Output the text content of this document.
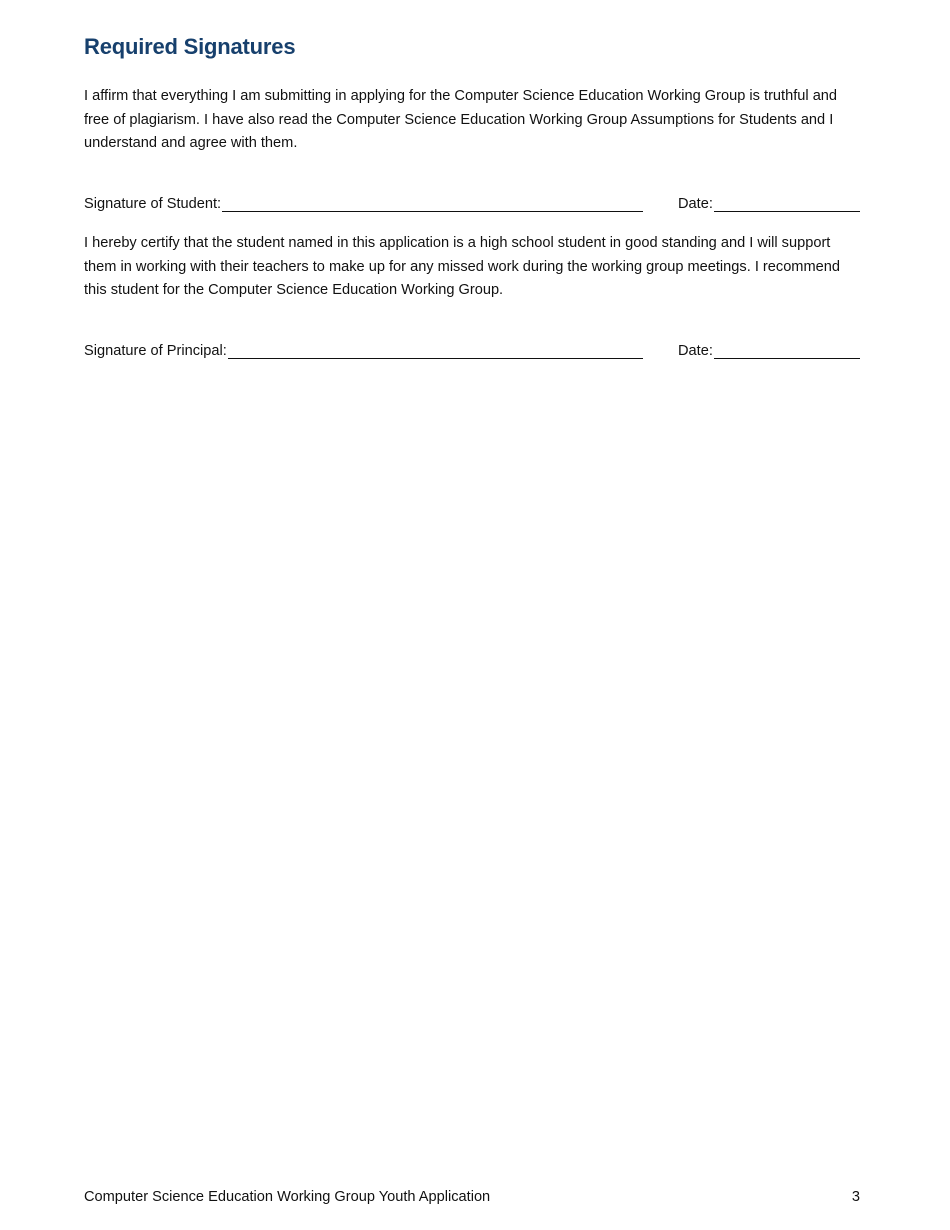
Required Signatures

I affirm that everything I am submitting in applying for the Computer Science Education Working Group is truthful and free of plagiarism. I have also read the Computer Science Education Working Group Assumptions for Students and I understand and agree with them.

Signature of Student:	Date:

I hereby certify that the student named in this application is a high school student in good standing and I will support them in working with their teachers to make up for any missed work during the working group meetings. I recommend this student for the Computer Science Education Working Group.

Signature of Principal:	Date:
Computer Science Education Working Group Youth Application	3
